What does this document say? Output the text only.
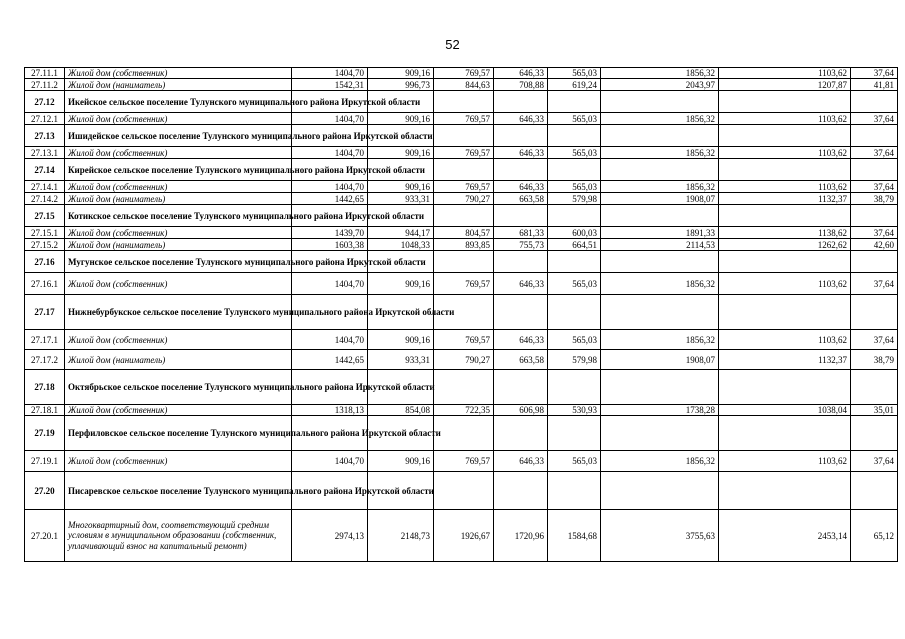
52
27.11.1	Жилой дом (собственник)	1404,70	909,16	769,57	646,33	565,03	1856,32	1103,62	37,64
27.11.2	Жилой дом (наниматель)	1542,31	996,73	844,63	708,88	619,24	2043,97	1207,87	41,81
27.12	Икейское сельское поселение Тулунского муниципального района Иркутской области								
27.12.1	Жилой дом (собственник)	1404,70	909,16	769,57	646,33	565,03	1856,32	1103,62	37,64
27.13	Ишидейское сельское поселение Тулунского муниципального района Иркутской области								
27.13.1	Жилой дом (собственник)	1404,70	909,16	769,57	646,33	565,03	1856,32	1103,62	37,64
27.14	Кирейское сельское поселение Тулунского муниципального района Иркутской области								
27.14.1	Жилой дом (собственник)	1404,70	909,16	769,57	646,33	565,03	1856,32	1103,62	37,64
27.14.2	Жилой дом (наниматель)	1442,65	933,31	790,27	663,58	579,98	1908,07	1132,37	38,79
27.15	Котикское сельское поселение Тулунского муниципального района Иркутской области								
27.15.1	Жилой дом (собственник)	1439,70	944,17	804,57	681,33	600,03	1891,33	1138,62	37,64
27.15.2	Жилой дом (наниматель)	1603,38	1048,33	893,85	755,73	664,51	2114,53	1262,62	42,60
27.16	Мугунское сельское поселение Тулунского муниципального района Иркутской области								
27.16.1	Жилой дом (собственник)	1404,70	909,16	769,57	646,33	565,03	1856,32	1103,62	37,64
27.17	Нижнебурбукское сельское поселение Тулунского муниципального района Иркутской области								
27.17.1	Жилой дом (собственник)	1404,70	909,16	769,57	646,33	565,03	1856,32	1103,62	37,64
27.17.2	Жилой дом (наниматель)	1442,65	933,31	790,27	663,58	579,98	1908,07	1132,37	38,79
27.18	Октябрьское сельское поселение Тулунского муниципального района Иркутской области								
27.18.1	Жилой дом (собственник)	1318,13	854,08	722,35	606,98	530,93	1738,28	1038,04	35,01
27.19	Перфиловское сельское поселение Тулунского муниципального района Иркутской области								
27.19.1	Жилой дом (собственник)	1404,70	909,16	769,57	646,33	565,03	1856,32	1103,62	37,64
27.20	Писаревское сельское поселение Тулунского муниципального района Иркутской области								
27.20.1	Многоквартирный дом, соответствующий средним условиям в муниципальном образовании (собственник, уплачивающий взнос на капитальный ремонт)	2974,13	2148,73	1926,67	1720,96	1584,68	3755,63	2453,14	65,12
